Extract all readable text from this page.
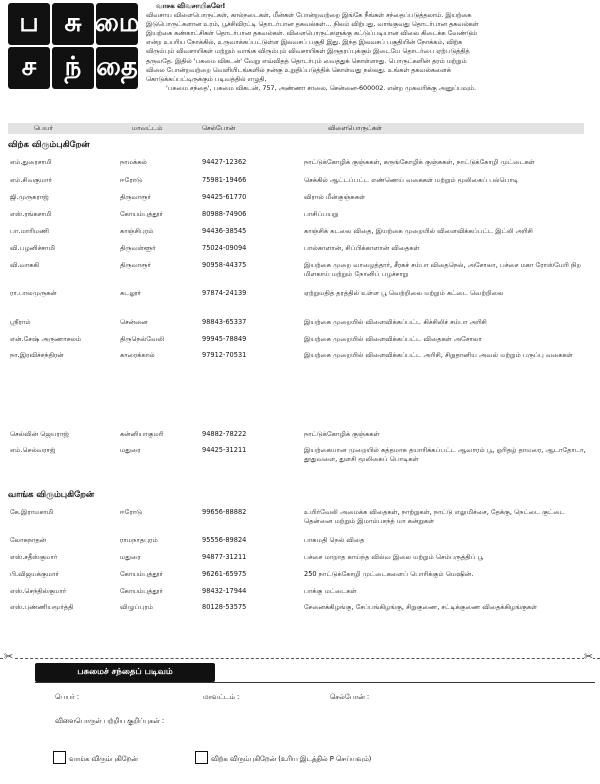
ப சு மை
ச	ந் தை
வாசக விவசாயிகளே!

விவசாய விளைபொருட்கள், கால்நடைகள், மீன்கள் போன்றவற்றை இங்கே நீங்கள் சந்தைப்படுத்தலாம். இயற்கை

இடுபொருட்களான உரம், பூச்சிவிரட்டி தொடர்பான தகவல்கள்… நிலம் விற்பது, வாங்குவது தொடர்பான தகவல்கள்

இயற்கை கண்காட்சிகள் தொடர்பான தகவல்கள். விளைபொருட்களுக்கு கட்டுப்படியான விலை கிடைக்க வேண்டும்

என்ற உயரிய நோக்கில், உருவாக்கப்பட்டுள்ள இலவசப் பகுதி இது. இந்த இலவசப் பகுதியின் நோக்கம், விற்க

விரும்பும் விவசாயிகள் மற்றும் வாங்க விரும்பும் விவசாயிகள் இருதரப்புக்கும் இடையே தொடர்பை ஏற்படுத்தித்

தருவதே. இதில் 'பசுமை விகடன்' வேறு எவ்விதத் தொடர்பும் வைத்துக் கொள்ளாது. பொருட்களின் தரம் மற்றும்

விலை போன்றவற்றை வெளியிடங்களில் நன்கு உறுதிப்படுத்திக் கொள்வது நல்லது. உங்கள் தகவல்களைக்

கொடுக்கப்பட்டிருக்கும் படிவத்தில் எழுதி,

'பசுமை சந்தை', பசுமை விகடன், 757, அண்ணா சாலை, சென்னை-600002. என்ற முகவரிக்கு அனுப்பவும்.

பெயர்	மாவட்டம்	செல்போன்	விளைபொருட்கள்
விற்க விரும்புகிறேன்
எம்.துரைசாமி	நாமக்கல்	94427-12362	நாட்டுக்கோழிக் குஞ்சுகள், கருங்கோழிக் குஞ்சுகள், நாட்டுக்கோழி முட்டைகள்
எம்.சிவகுமார்	ஈரோடு	75981-19466	செக்கில் ஆட்டப்பட்ட எண்ணெய் வகைகள் மற்றும் மூலிகைப் பல்பொடி
ஜி.முருகராஜ்	திருவாரூர்	94425-61770	விரால் மீன்குஞ்சுகள்
எஸ்.ரங்கசாமி	கோயம்புத்தூர்	80988-74906	பாசிப்பயறு
பா.மாரிமணி	காஞ்சிபுரம்	94436-38545	காஞ்சிக் கடலை விதை, இயற்கை முறையில் விளைவிக்கப்பட்ட இட்லி அரிசி
வி.பழனிச்சாமி	திருவள்ளூர்	75024-09094	பால்காளான், சிப்பிக்காளான் விதைகள்
வி.வாசுகி	திருவாரூர்	90958-44375	இயற்கை முறை வாழைத்தார், சீரகச் சம்பா விதைநெல், அசோலா, பச்சை மகா ரோஸ்மேரி நிற மிளகாய் மற்றும் நோனிப் பழச்சாறு
ரா.பாலமுருகன்	கடலூர்	97874-24139	ஏற்றுமதித் தரத்தில் உள்ள பூ வெற்றிலை மற்றும் கட்டை வெற்றிலை
ஸ்ரீராம்	சென்னை	98843-65337	இயற்கை முறையில் விளைவிக்கப்பட்ட கிச்சிலிச் சம்பா அரிசி
என்.சேஷ் அருணாசலம்	திருநெல்வேலி	99945-78849	இயற்கை முறையில் விளைவிக்கப்பட்ட விதைகள் அசோலா
நா.இரவிச்சந்திரன்	காரைக்கால்	97912-70531	இயற்கை முறையில் விளைவிக்கப்பட்ட அரிசி, சிறுதானிய அவல் மற்றும் பருப்பு வகைகள்
செல்வின் ஜெயராஜ்	கன்னியாகுமரி	94882-78222	நாட்டுக்கோழிக் குஞ்சுகள்
எம்.செல்வராஜ்	மதுரை	94425-31211	இயற்கையான முறையில் சுத்தமாக தயாரிக்கப்பட்ட ஆவாரம் பூ, ஓரிதழ் தாமரை, ஆடாதோடா, தூதுவளை, துளசி மூலிகைப் பொடிகள்
வாங்க விரும்புகிறேன்
கே.இராமசாமி	ஈரோடு	99656-88882	உயிர்வேலி அமைக்க விதைகள், நாற்றுகள், நாட்டு எலுமிச்சை, தேக்கு, நெட்டை குட்டை தென்னை மற்றும் இமாம்பசந்த் மா கன்றுகள்
லோகநாதன்	ராமநாதபுரம்	95556-89824	பாசுமதி நெல் விதை
எஸ்.சதீஸ்குமார்	மதுரை	94877-31211	பச்சை மாறாத காய்ந்த வில்வ இலை மற்றும் செம்பருத்திப் பூ
பி.விஜயக்குமார்	கோயம்புத்தூர்	96261-65975	250 நாட்டுக்கோழி முட்டைகளைப் பொரிக்கும் மெஷின்.
எஸ்.செந்தில்குமார்	கோயம்புத்தூர்	98432-17944	பாக்கு மட்டைகள்
எஸ்.புண்ணியமூர்த்தி	விழுப்புரம்	80128-53575	சேனைக்கிழங்கு, சேப்பங்கிழங்கு, சிறுகுணை, சட்டிக்குணை விதைக்கிழங்குகள்
✂	✂
பசுமைச் சந்தைப் படிவம்
பெயர் :	மாவட்டம் :	செல்போன் :
விளைபொருள் பற்றிய குறிப்புகள் :
வாங்க விரும்புகிறேன்	விற்க விரும்புகிறேன் (உரிய இடத்தில் P செய்யவும்)
